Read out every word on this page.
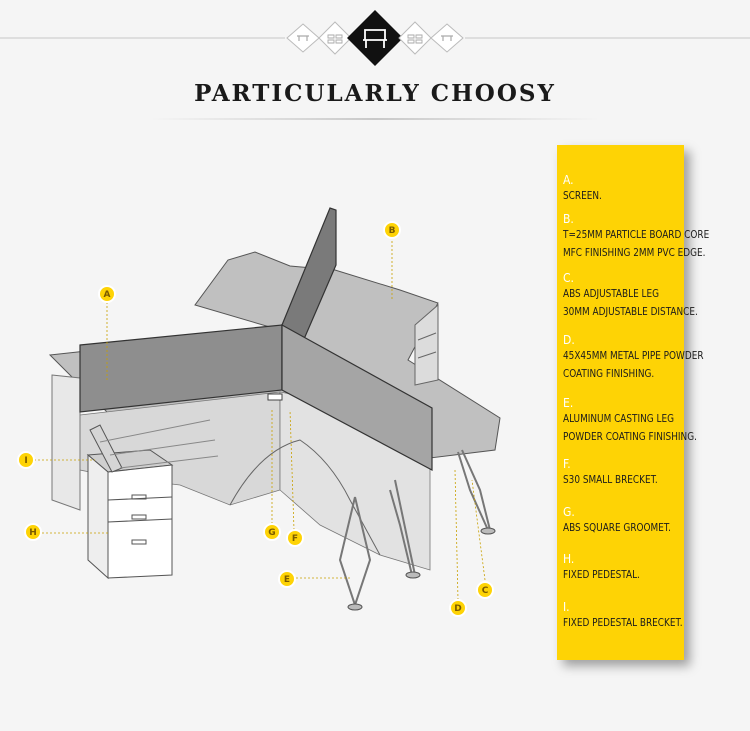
PARTICULARLY CHOOSY
A
B
C
D
E
F
G
H
I
A.
SCREEN.
B.
T=25MM PARTICLE BOARD CORE
MFC FINISHING 2MM PVC EDGE.
C.
ABS ADJUSTABLE LEG
30MM ADJUSTABLE DISTANCE.
D.
45X45MM METAL PIPE POWDER
COATING FINISHING.
E.
ALUMINUM CASTING LEG
POWDER COATING FINISHING.
F.
S30 SMALL BRECKET.
G.
ABS SQUARE GROOMET.
H.
FIXED PEDESTAL.
I.
FIXED PEDESTAL BRECKET.
